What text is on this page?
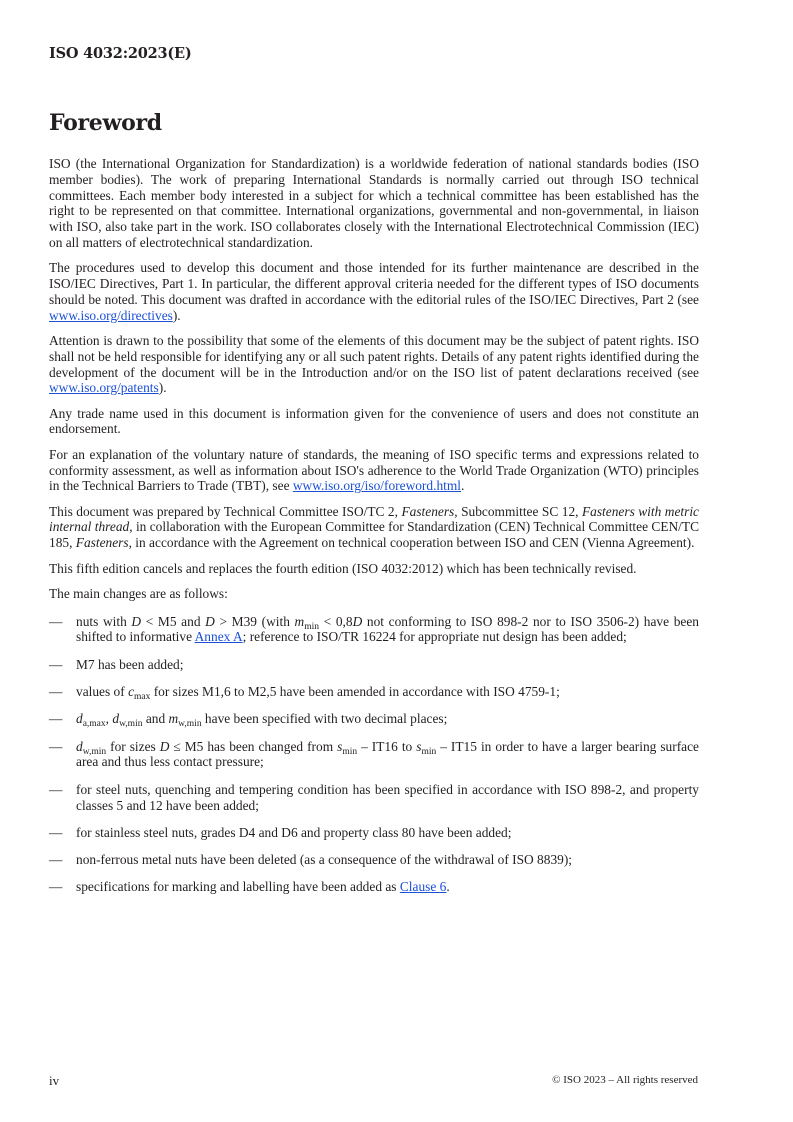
ISO 4032:2023(E)
Foreword

ISO (the International Organization for Standardization) is a worldwide federation of national standards bodies (ISO member bodies). The work of preparing International Standards is normally carried out through ISO technical committees. Each member body interested in a subject for which a technical committee has been established has the right to be represented on that committee. International organizations, governmental and non-governmental, in liaison with ISO, also take part in the work. ISO collaborates closely with the International Electrotechnical Commission (IEC) on all matters of electrotechnical standardization.

The procedures used to develop this document and those intended for its further maintenance are described in the ISO/IEC Directives, Part 1. In particular, the different approval criteria needed for the different types of ISO documents should be noted. This document was drafted in accordance with the editorial rules of the ISO/IEC Directives, Part 2 (see www.iso.org/directives).

Attention is drawn to the possibility that some of the elements of this document may be the subject of patent rights. ISO shall not be held responsible for identifying any or all such patent rights. Details of any patent rights identified during the development of the document will be in the Introduction and/or on the ISO list of patent declarations received (see www.iso.org/patents).

Any trade name used in this document is information given for the convenience of users and does not constitute an endorsement.

For an explanation of the voluntary nature of standards, the meaning of ISO specific terms and expressions related to conformity assessment, as well as information about ISO's adherence to the World Trade Organization (WTO) principles in the Technical Barriers to Trade (TBT), see www.iso.org/iso/foreword.html.

This document was prepared by Technical Committee ISO/TC 2, Fasteners, Subcommittee SC 12, Fasteners with metric internal thread, in collaboration with the European Committee for Standardization (CEN) Technical Committee CEN/TC 185, Fasteners, in accordance with the Agreement on technical cooperation between ISO and CEN (Vienna Agreement).

This fifth edition cancels and replaces the fourth edition (ISO 4032:2012) which has been technically revised.

The main changes are as follows:

— nuts with D < M5 and D > M39 (with $m_{min} < 0,8D$ not conforming to ISO 898-2 nor to ISO 3506-2) have been shifted to informative Annex A; reference to ISO/TR 16224 for appropriate nut design has been added;
— M7 has been added;
— values of $c_{max}$ for sizes M1,6 to M2,5 have been amended in accordance with ISO 4759-1;
— $d_{a,max}$, $d_{w,min}$ and $m_{w,min}$ have been specified with two decimal places;
— $d_{w,min}$ for sizes D ≤ M5 has been changed from $s_{min} - IT16$ to $s_{min} - IT15$ in order to have a larger bearing surface area and thus less contact pressure;
— for steel nuts, quenching and tempering condition has been specified in accordance with ISO 898-2, and property classes 5 and 12 have been added;
— for stainless steel nuts, grades D4 and D6 and property class 80 have been added;
— non-ferrous metal nuts have been deleted (as a consequence of the withdrawal of ISO 8839);
— specifications for marking and labelling have been added as Clause 6.
iv	© ISO 2023 – All rights reserved
